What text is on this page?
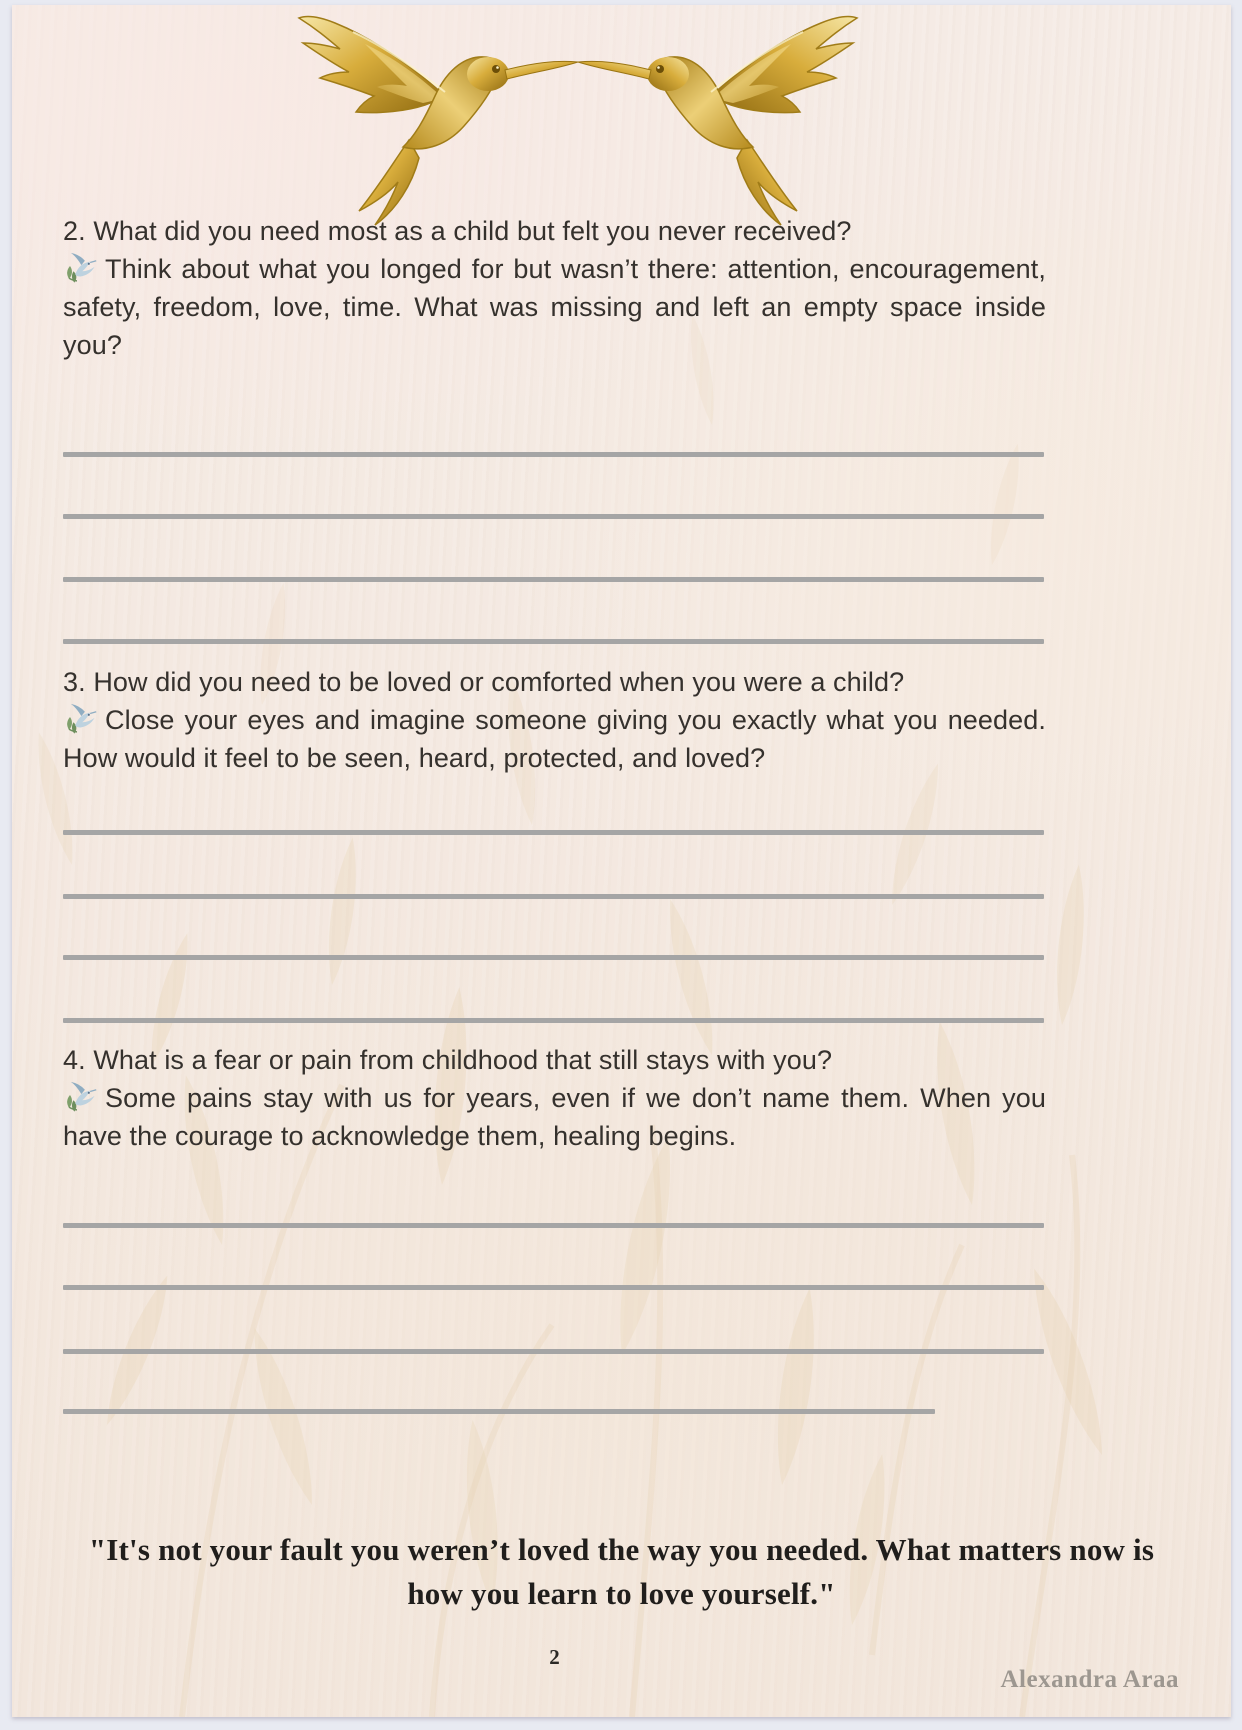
2. What did you need most as a child but felt you never received?

Think about what you longed for but wasn’t there: attention, encouragement, safety, freedom, love, time. What was missing and left an empty space inside you?

3. How did you need to be loved or comforted when you were a child?

Close your eyes and imagine someone giving you exactly what you needed. How would it feel to be seen, heard, protected, and loved?

4. What is a fear or pain from childhood that still stays with you?

Some pains stay with us for years, even if we don’t name them. When you have the courage to acknowledge them, healing begins.

"It's not your fault you weren’t loved the way you needed. What matters now is how you learn to love yourself."
2
Alexandra Araa
